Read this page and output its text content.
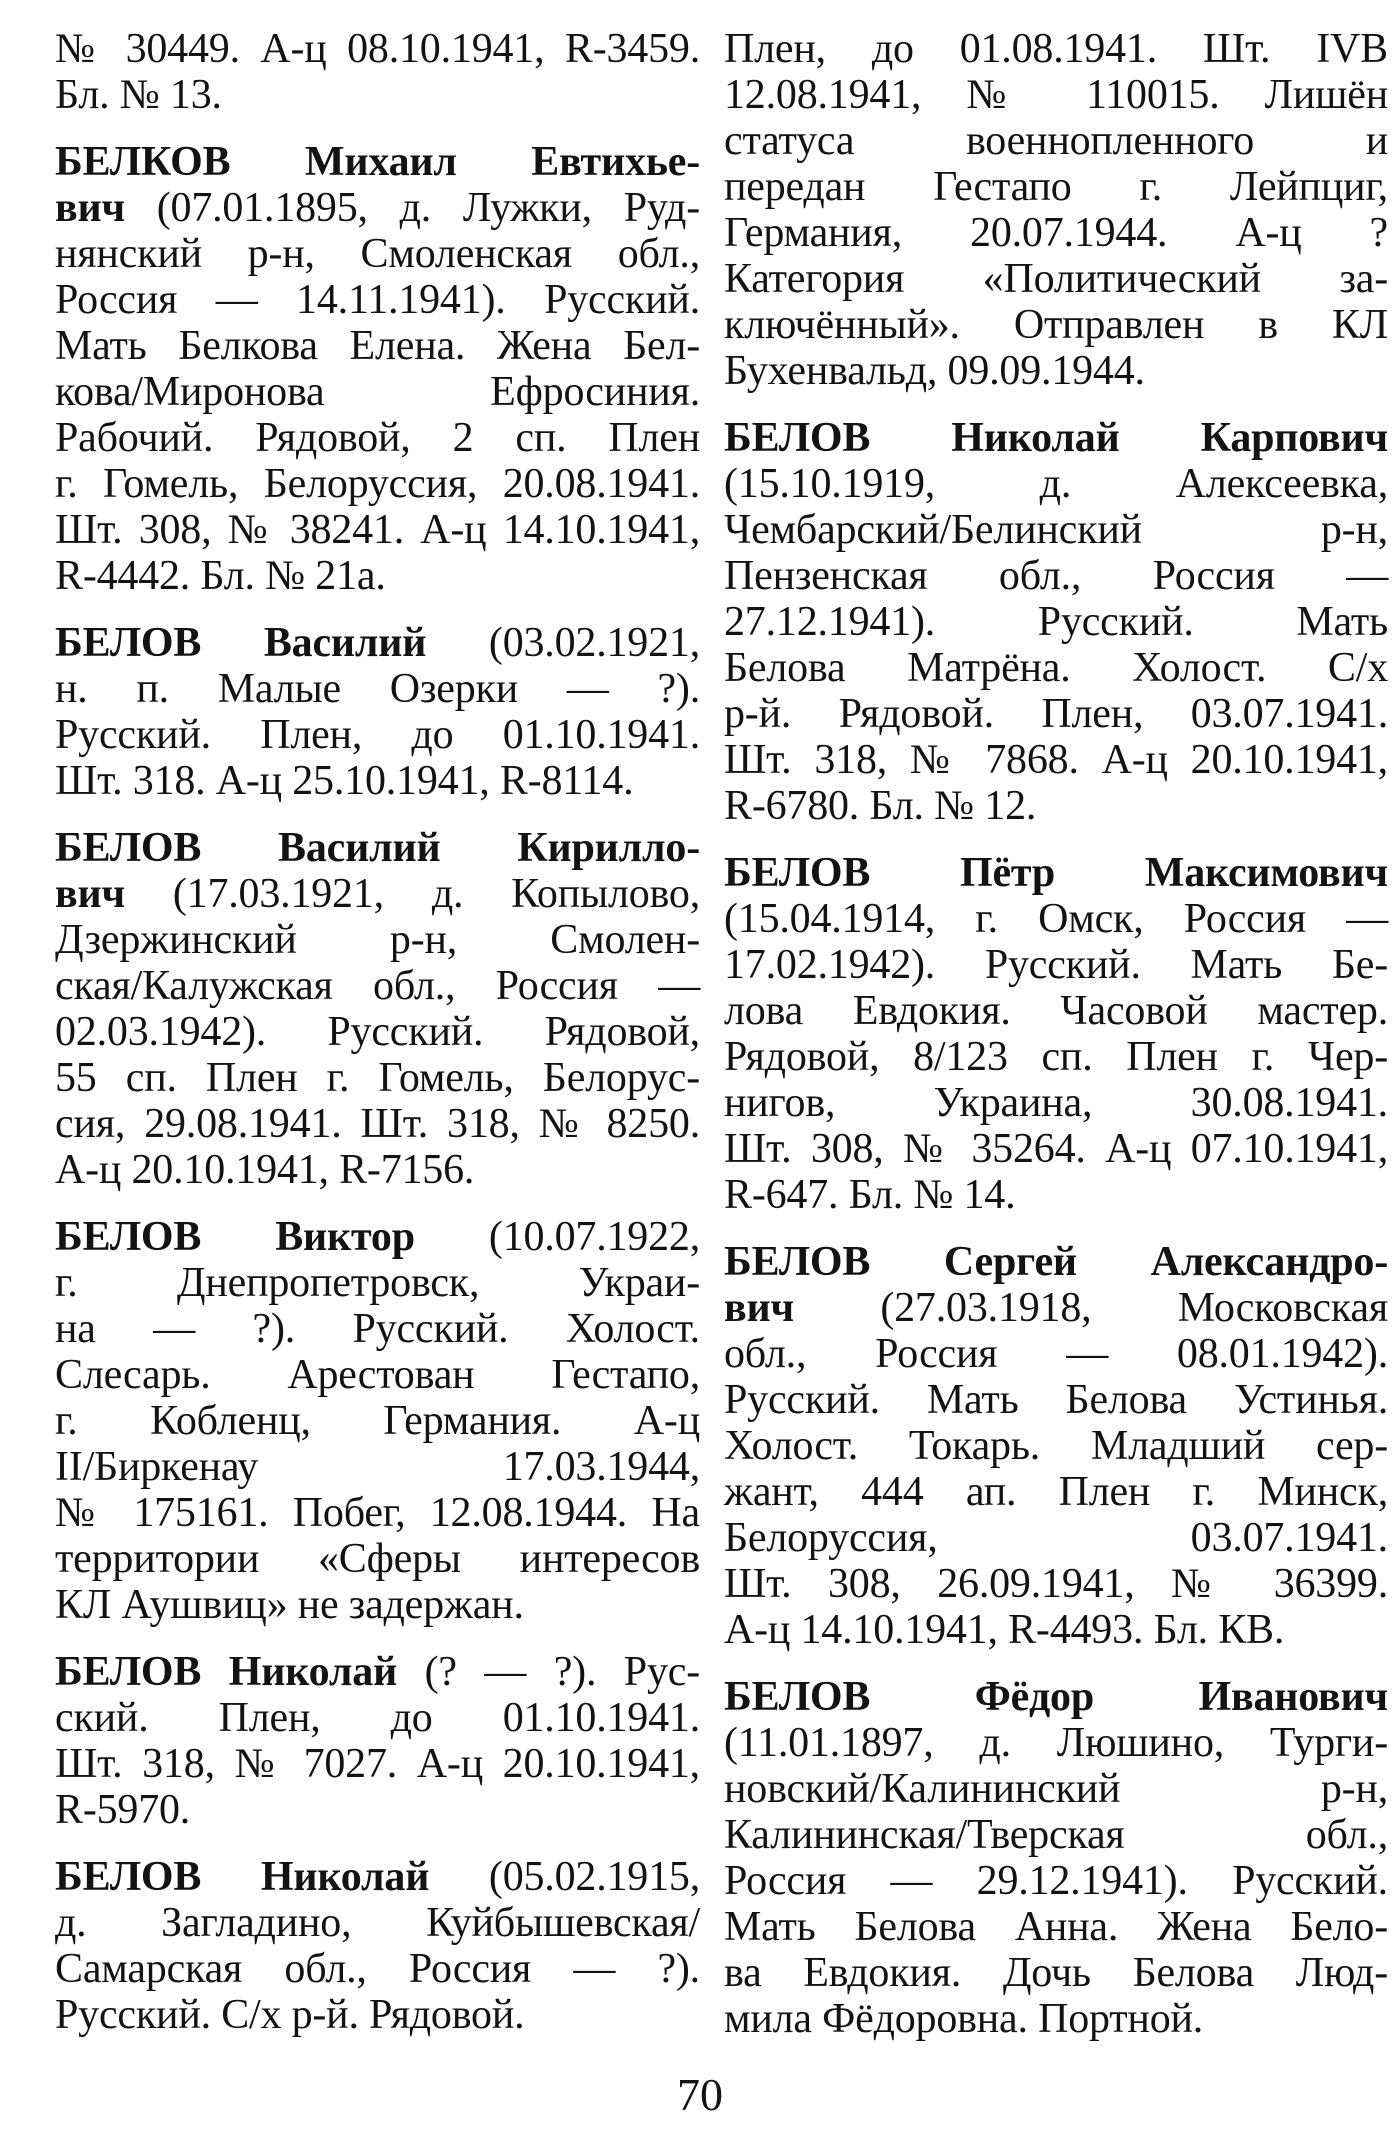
№ 30449. А-ц 08.10.1941, R-3459.
Бл. № 13.
БЕЛКОВ Михаил Евтихье-
вич (07.01.1895, д. Лужки, Руд-
нянский р-н, Смоленская обл.,
Россия — 14.11.1941). Русский.
Мать Белкова Елена. Жена Бел-
кова/Миронова Ефросиния.
Рабочий. Рядовой, 2 сп. Плен
г. Гомель, Белоруссия, 20.08.1941.
Шт. 308, № 38241. А-ц 14.10.1941,
R-4442. Бл. № 21а.
БЕЛОВ Василий (03.02.1921,
н. п. Малые Озерки — ?).
Русский. Плен, до 01.10.1941.
Шт. 318. А-ц 25.10.1941, R-8114.
БЕЛОВ Василий Кирилло-
вич (17.03.1921, д. Копылово,
Дзержинский р-н, Смолен-
ская/Калужская обл., Россия —
02.03.1942). Русский. Рядовой,
55 сп. Плен г. Гомель, Белорус-
сия, 29.08.1941. Шт. 318, № 8250.
А-ц 20.10.1941, R-7156.
БЕЛОВ Виктор (10.07.1922,
г. Днепропетровск, Украи-
на — ?). Русский. Холост.
Слесарь. Арестован Гестапо,
г. Кобленц, Германия. А-ц
II/Биркенау 17.03.1944,
№ 175161. Побег, 12.08.1944. На
территории «Сферы интересов
КЛ Аушвиц» не задержан.
БЕЛОВ Николай (? — ?). Рус-
ский. Плен, до 01.10.1941.
Шт. 318, № 7027. А-ц 20.10.1941,
R-5970.
БЕЛОВ Николай (05.02.1915,
д. Загладино, Куйбышевская/
Самарская обл., Россия — ?).
Русский. С/х р-й. Рядовой.
Плен, до 01.08.1941. Шт. IVB
12.08.1941, № 110015. Лишён
статуса военнопленного и
передан Гестапо г. Лейпциг,
Германия, 20.07.1944. А-ц ?
Категория «Политический за-
ключённый». Отправлен в КЛ
Бухенвальд, 09.09.1944.
БЕЛОВ Николай Карпович
(15.10.1919, д. Алексеевка,
Чембарский/Белинский р-н,
Пензенская обл., Россия —
27.12.1941). Русский. Мать
Белова Матрёна. Холост. С/х
р-й. Рядовой. Плен, 03.07.1941.
Шт. 318, № 7868. А-ц 20.10.1941,
R-6780. Бл. № 12.
БЕЛОВ Пётр Максимович
(15.04.1914, г. Омск, Россия —
17.02.1942). Русский. Мать Бе-
лова Евдокия. Часовой мастер.
Рядовой, 8/123 сп. Плен г. Чер-
нигов, Украина, 30.08.1941.
Шт. 308, № 35264. А-ц 07.10.1941,
R-647. Бл. № 14.
БЕЛОВ Сергей Александро-
вич (27.03.1918, Московская
обл., Россия — 08.01.1942).
Русский. Мать Белова Устинья.
Холост. Токарь. Младший сер-
жант, 444 ап. Плен г. Минск,
Белоруссия, 03.07.1941.
Шт. 308, 26.09.1941, № 36399.
А-ц 14.10.1941, R-4493. Бл. КВ.
БЕЛОВ Фёдор Иванович
(11.01.1897, д. Люшино, Турги-
новский/Калининский р-н,
Калининская/Тверская обл.,
Россия — 29.12.1941). Русский.
Мать Белова Анна. Жена Бело-
ва Евдокия. Дочь Белова Люд-
мила Фёдоровна. Портной.
70
